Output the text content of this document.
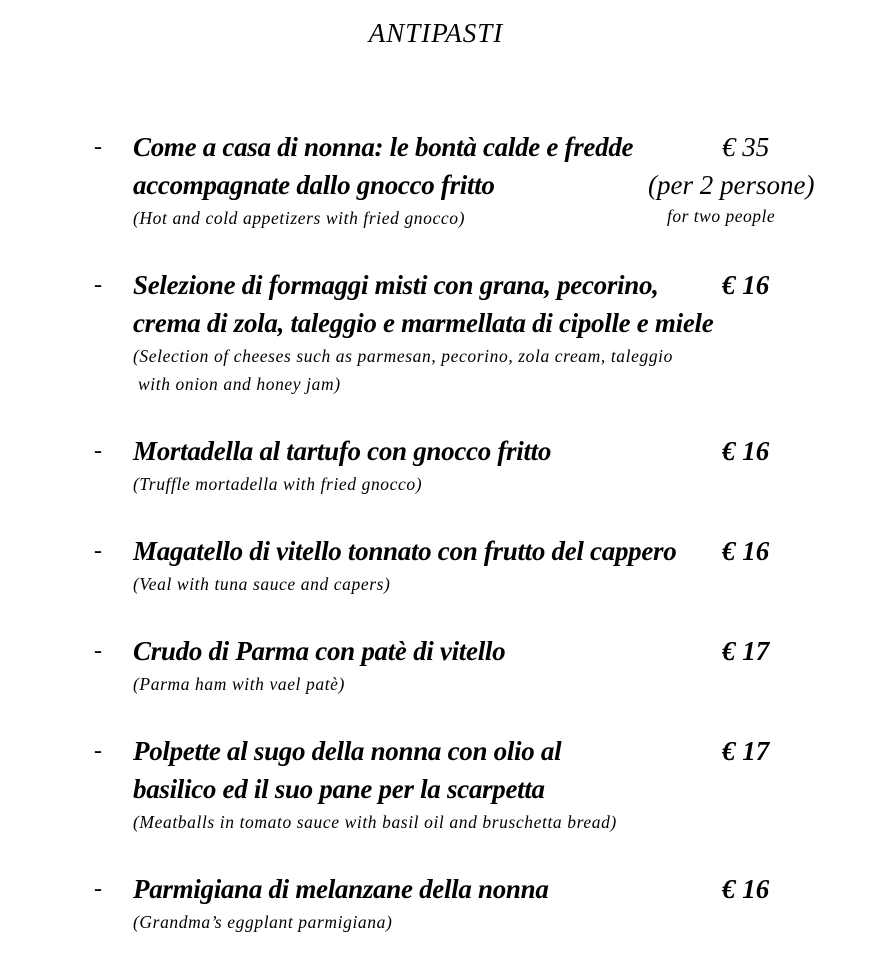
ANTIPASTI
- Come a casa di nonna: le bontà calde e fredde
accompagnate dallo gnocco fritto
(Hot and cold appetizers with fried gnocco)
€ 35
(per 2 persone)
for two people
- Selezione di formaggi misti con grana, pecorino,
crema di zola, taleggio e marmellata di cipolle e miele
(Selection of cheeses such as parmesan, pecorino, zola cream, taleggio
with onion and honey jam)
€ 16
- Mortadella al tartufo con gnocco fritto
(Truffle mortadella with fried gnocco)
€ 16
- Magatello di vitello tonnato con frutto del cappero
(Veal with tuna sauce and capers)
€ 16
- Crudo di Parma con patè di vitello
(Parma ham with vael patè)
€ 17
- Polpette al sugo della nonna con olio al
basilico ed il suo pane per la scarpetta
(Meatballs in tomato sauce with basil oil and bruschetta bread)
€ 17
- Parmigiana di melanzane della nonna
(Grandma’s eggplant parmigiana)
€ 16
